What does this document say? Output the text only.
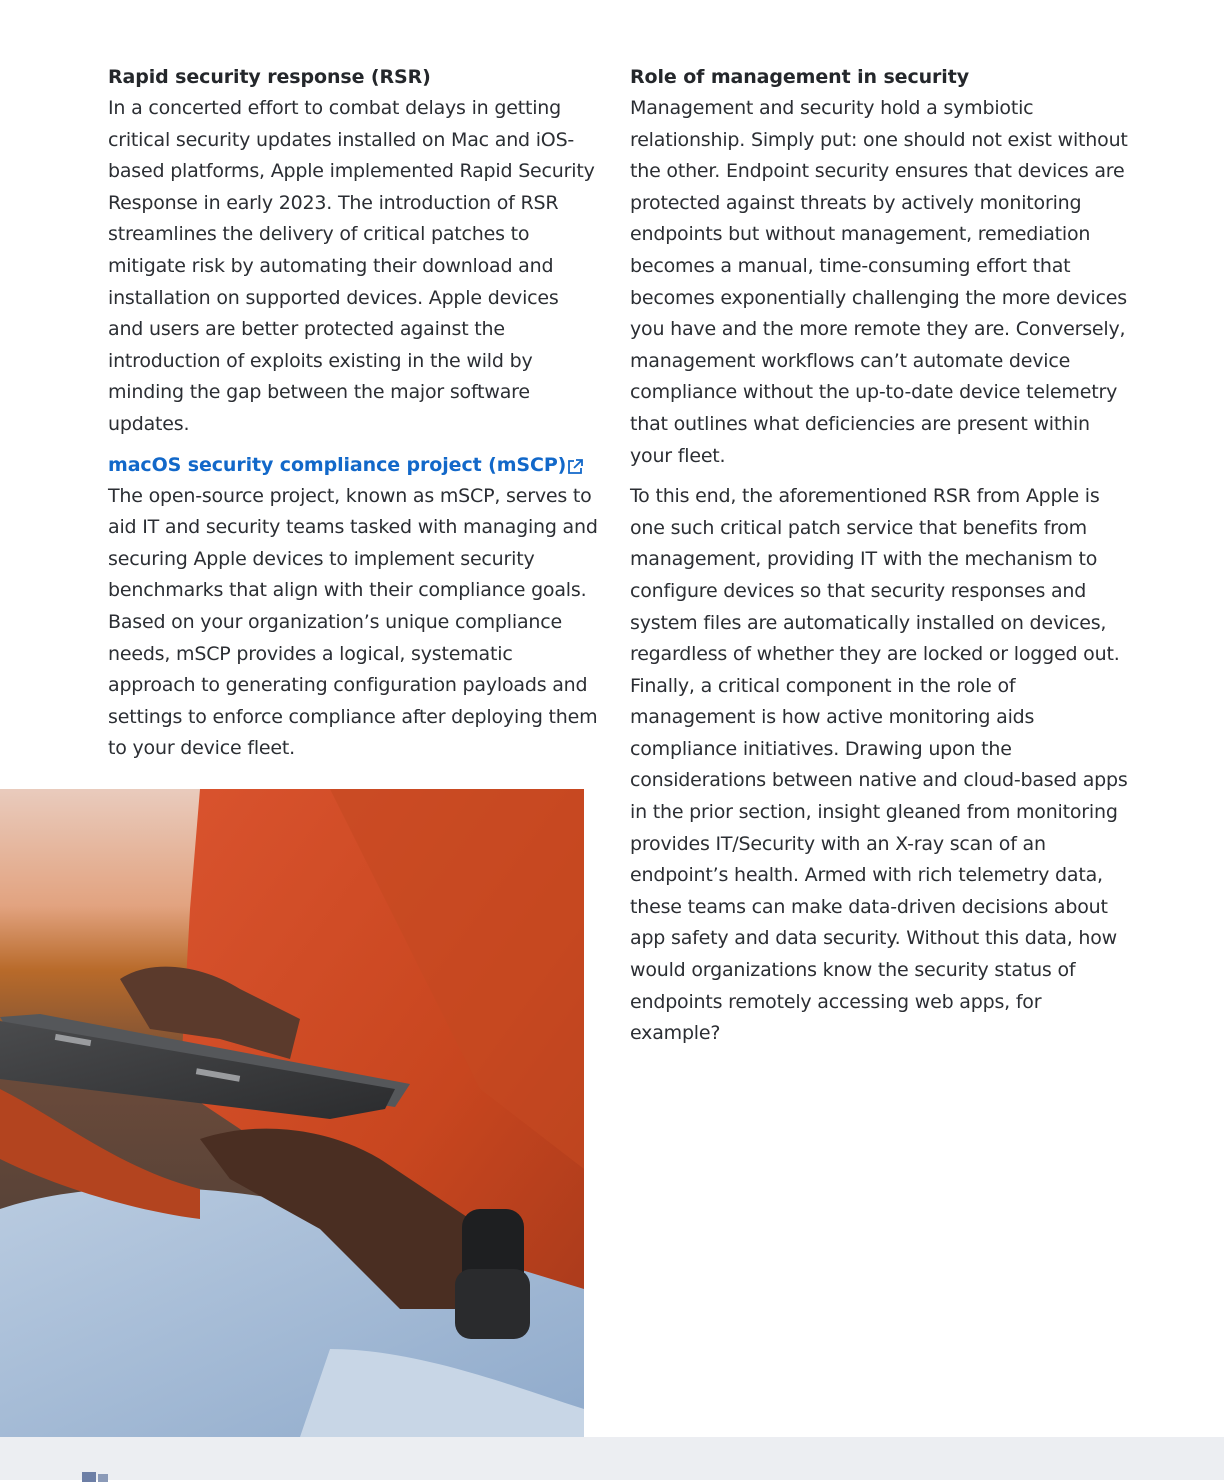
Rapid security response (RSR)

In a concerted effort to combat delays in getting critical security updates installed on Mac and iOS-based platforms, Apple implemented Rapid Security Response in early 2023. The introduction of RSR streamlines the delivery of critical patches to mitigate risk by automating their download and installation on supported devices. Apple devices and users are better protected against the introduction of exploits existing in the wild by minding the gap between the major software updates.

macOS security compliance project (mSCP)

The open-source project, known as mSCP, serves to aid IT and security teams tasked with managing and securing Apple devices to implement security benchmarks that align with their compliance goals. Based on your organization’s unique compliance needs, mSCP provides a logical, systematic approach to generating configuration payloads and settings to enforce compliance after deploying them to your device fleet.

Role of management in security

Management and security hold a symbiotic relationship. Simply put: one should not exist without the other. Endpoint security ensures that devices are protected against threats by actively monitoring endpoints but without management, remediation becomes a manual, time-consuming effort that becomes exponentially challenging the more devices you have and the more remote they are. Conversely, management workflows can’t automate device compliance without the up-to-date device telemetry that outlines what deficiencies are present within your fleet.

To this end, the aforementioned RSR from Apple is one such critical patch service that benefits from management, providing IT with the mechanism to configure devices so that security responses and system files are automatically installed on devices, regardless of whether they are locked or logged out. Finally, a critical component in the role of management is how active monitoring aids compliance initiatives. Drawing upon the considerations between native and cloud-based apps in the prior section, insight gleaned from monitoring provides IT/Security with an X-ray scan of an endpoint’s health. Armed with rich telemetry data, these teams can make data-driven decisions about app safety and data security. Without this data, how would organizations know the security status of endpoints remotely accessing web apps, for example?
